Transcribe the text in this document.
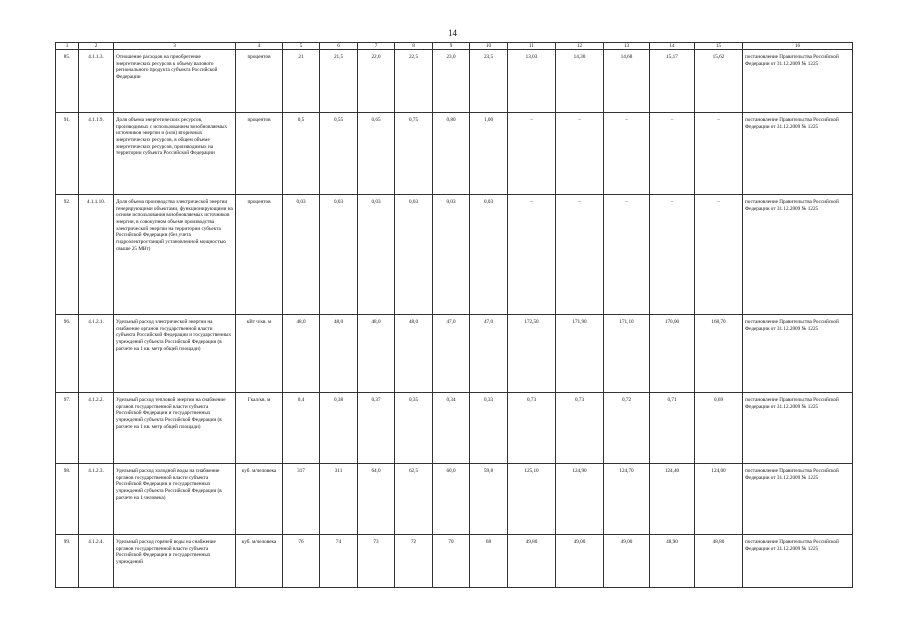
14
1	2	3	4	5	6	7	8	9	10	11	12	13	14	15	16
85.	4.1.1.3.	Отношение расходов на приобретение энергетических ресурсов к объему валового регионального продукта субъекта Российской Федерации	процентов	21	21,5	22,0	22,5	23,0	23,5	13,03	14,30	14,68	15,17	15,62	постановление Правительства Российской Федерации от 31.12.2009 № 1225
91.	4.1.1.9.	Доля объема энергетических ресурсов, производимых с использованием возобновляемых источников энергии и (или) вторичных энергетических ресурсов, в общем объеме энергетических ресурсов, производимых на территории субъекта Российской Федерации	процентов	0,5	0,55	0,65	0,75	0,80	1,00	–	–	–	–	–	постановление Правительства Российской Федерации от 31.12.2009 № 1225
92.	4.1.1.10.	Доля объема производства электрической энергии генерирующими объектами, функционирующими на основе использования возобновляемых источников энергии, в совокупном объеме производства электрической энергии на территории субъекта Российской Федерации (без учета гидроэлектростанций установленной мощностью свыше 25 МВт)	процентов	0,03	0,03	0,03	0,03	0,03	0,03	–	–	–	–	–	постановление Правительства Российской Федерации от 31.12.2009 № 1225
96.	4.1.2.1.	Удельный расход электрической энергии на снабжение органов государственной власти субъекта Российской Федерации и государственных учреждений субъекта Российской Федерации (в расчете на 1 кв. метр общей площади)	кВт ч/кв. м	48,0	48,0	48,0	48,0	47,0	47,0	172,50	171,90	171,10	170,00	168,70	постановление Правительства Российской Федерации от 31.12.2009 № 1225
97.	4.1.2.2.	Удельный расход тепловой энергии на снабжение органов государственной власти субъекта Российской Федерации и государственных учреждений субъекта Российской Федерации (в расчете на 1 кв. метр общей площади)	Гкал/кв. м	0,4	0,38	0,37	0,35	0,34	0,33	0,73	0,73	0,72	0,71	0,69	постановление Правительства Российской Федерации от 31.12.2009 № 1225
98.	4.1.2.3.	Удельный расход холодной воды на снабжение органов государственной власти субъекта Российской Федерации и государственных учреждений субъекта Российской Федерации (в расчете на 1 человека)	куб. м/человека	317	311	64,0	62,5	60,0	59,8	125,10	124,90	124,70	124,40	124,00	постановление Правительства Российской Федерации от 31.12.2009 № 1225
99.	4.1.2.4.	Удельный расход горячей воды на снабжение органов государственной власти субъекта Российской Федерации и государственных учреждений	куб. м/человека	76	74	73	72	70	68	49,80	49,00	49,00	48,90	48,80	постановление Правительства Российской Федерации от 31.12.2009 № 1225
